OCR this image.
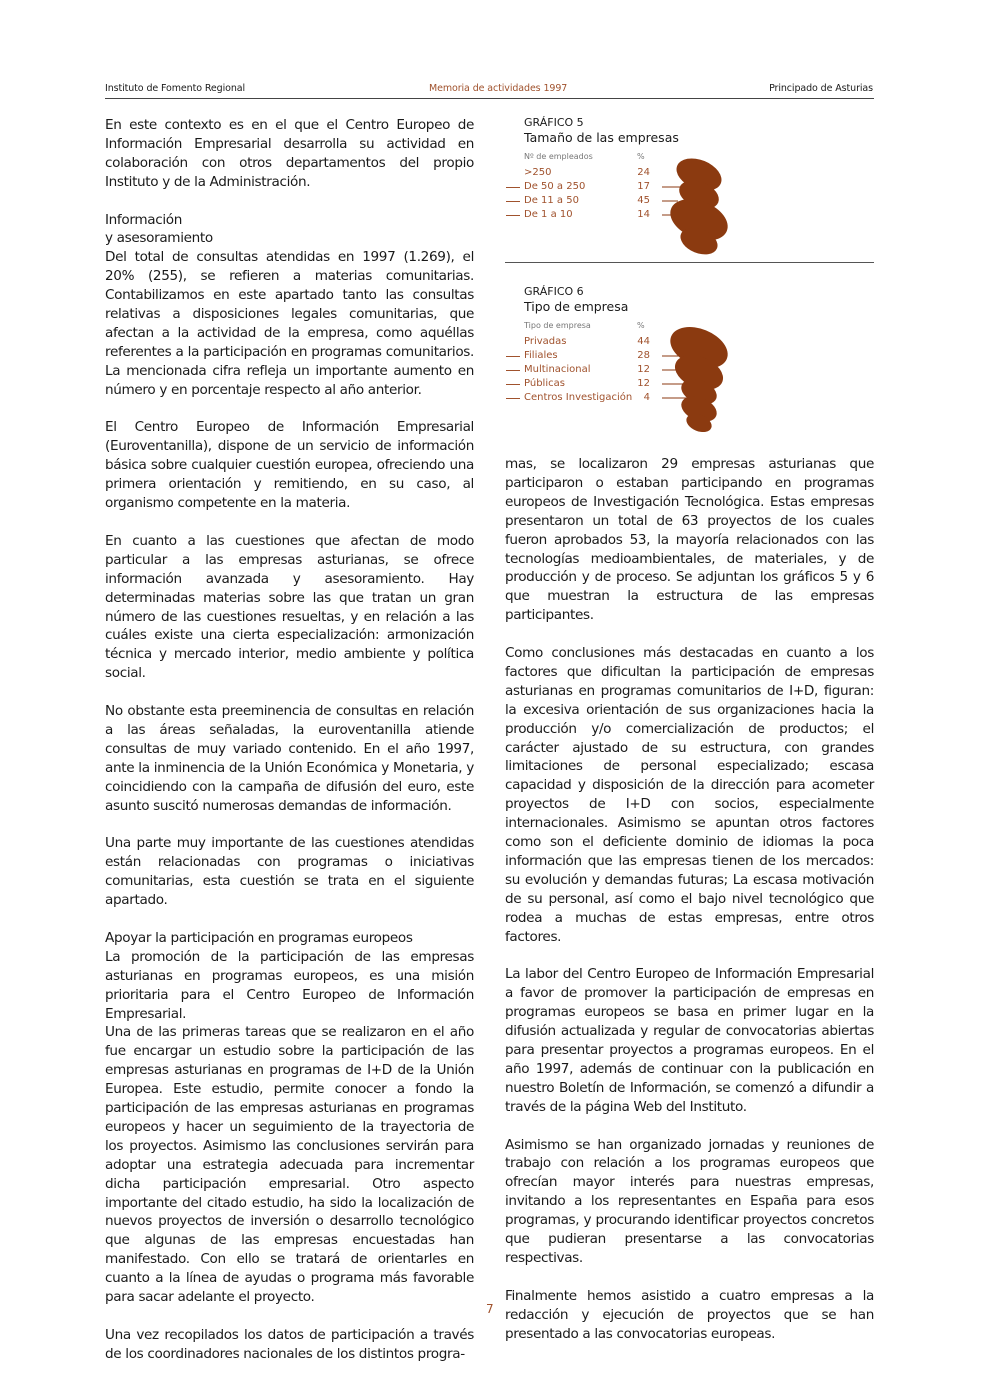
Instituto de Fomento Regional	Memoria de actividades 1997	Principado de Asturias

En este contexto es en el que el Centro Europeo de Información Empresarial desarrolla su actividad en colaboración con otros departamentos del propio Instituto y de la Administración.

Información
y asesoramiento

Del total de consultas atendidas en 1997 (1.269), el 20% (255), se refieren a materias comunitarias. Contabilizamos en este apartado tanto las consultas relativas a disposiciones legales comunitarias, que afectan a la actividad de la empresa, como aquéllas referentes a la participación en programas comunitarios. La mencionada cifra refleja un importante aumento en número y en porcentaje respecto al año anterior.

El Centro Europeo de Información Empresarial (Euroventanilla), dispone de un servicio de información básica sobre cualquier cuestión europea, ofreciendo una primera orientación y remitiendo, en su caso, al organismo competente en la materia.

En cuanto a las cuestiones que afectan de modo particular a las empresas asturianas, se ofrece información avanzada y asesoramiento. Hay determinadas materias sobre las que tratan un gran número de las cuestiones resueltas, y en relación a las cuáles existe una cierta especialización: armonización técnica y mercado interior, medio ambiente y política social.

No obstante esta preeminencia de consultas en relación a las áreas señaladas, la euroventanilla atiende consultas de muy variado contenido. En el año 1997, ante la inminencia de la Unión Económica y Monetaria, y coincidiendo con la campaña de difusión del euro, este asunto suscitó numerosas demandas de información.

Una parte muy importante de las cuestiones atendidas están relacionadas con programas o iniciativas comunitarias, esta cuestión se trata en el siguiente apartado.

Apoyar la participación en programas europeos

La promoción de la participación de las empresas asturianas en programas europeos, es una misión prioritaria para el Centro Europeo de Información Empresarial.

Una de las primeras tareas que se realizaron en el año fue encargar un estudio sobre la participación de las empresas asturianas en programas de I+D de la Unión Europea. Este estudio, permite conocer a fondo la participación de las empresas asturianas en programas europeos y hacer un seguimiento de la trayectoria de los proyectos. Asimismo las conclusiones servirán para adoptar una estrategia adecuada para incrementar dicha participación empresarial. Otro aspecto importante del citado estudio, ha sido la localización de nuevos proyectos de inversión o desarrollo tecnológico que algunas de las empresas encuestadas han manifestado. Con ello se tratará de orientarles en cuanto a la línea de ayudas o programa más favorable para sacar adelante el proyecto.

Una vez recopilados los datos de participación a través de los coordinadores nacionales de los distintos progra-

GRÁFICO 5
Tamaño de las empresas
Nº de empleados	%
>250	24
De 50 a 250	17
De 11 a 50	45
De 1 a 10	14
GRÁFICO 6
Tipo de empresa
Tipo de empresa	%
Privadas	44
Filiales	28
Multinacional	12
Públicas	12
Centros Investigación	4

mas, se localizaron 29 empresas asturianas que participaron o estaban participando en programas europeos de Investigación Tecnológica. Estas empresas presentaron un total de 63 proyectos de los cuales fueron aprobados 53, la mayoría relacionados con las tecnologías medioambientales, de materiales, y de producción y de proceso. Se adjuntan los gráficos 5 y 6 que muestran la estructura de las empresas participantes.

Como conclusiones más destacadas en cuanto a los factores que dificultan la participación de empresas asturianas en programas comunitarios de I+D, figuran: la excesiva orientación de sus organizaciones hacia la producción y/o comercialización de productos; el carácter ajustado de su estructura, con grandes limitaciones de personal especializado; escasa capacidad y disposición de la dirección para acometer proyectos de I+D con socios, especialmente internacionales. Asimismo se apuntan otros factores como son el deficiente dominio de idiomas la poca información que las empresas tienen de los mercados: su evolución y demandas futuras; La escasa motivación de su personal, así como el bajo nivel tecnológico que rodea a muchas de estas empresas, entre otros factores.

La labor del Centro Europeo de Información Empresarial a favor de promover la participación de empresas en programas europeos se basa en primer lugar en la difusión actualizada y regular de convocatorias abiertas para presentar proyectos a programas europeos. En el año 1997, además de continuar con la publicación en nuestro Boletín de Información, se comenzó a difundir a través de la página Web del Instituto.

Asimismo se han organizado jornadas y reuniones de trabajo con relación a los programas europeos que ofrecían mayor interés para nuestras empresas, invitando a los representantes en España para esos programas, y procurando identificar proyectos concretos que pudieran presentarse a las convocatorias respectivas.

Finalmente hemos asistido a cuatro empresas a la redacción y ejecución de proyectos que se han presentado a las convocatorias europeas.

7
